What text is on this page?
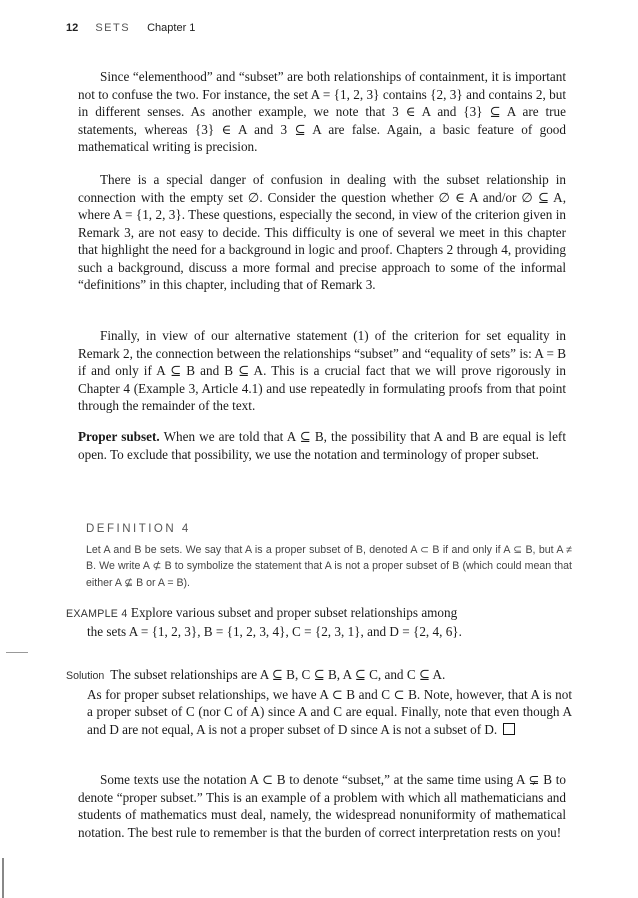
12 SETS Chapter 1

Since “elementhood” and “subset” are both relationships of containment, it is important not to confuse the two. For instance, the set A = {1, 2, 3} contains {2, 3} and contains 2, but in different senses. As another example, we note that 3 ∈ A and {3} ⊆ A are true statements, whereas {3} ∈ A and 3 ⊆ A are false. Again, a basic feature of good mathematical writing is precision.

There is a special danger of confusion in dealing with the subset relationship in connection with the empty set ∅. Consider the question whether ∅ ∈ A and/or ∅ ⊆ A, where A = {1, 2, 3}. These questions, especially the second, in view of the criterion given in Remark 3, are not easy to decide. This difficulty is one of several we meet in this chapter that highlight the need for a background in logic and proof. Chapters 2 through 4, providing such a background, discuss a more formal and precise approach to some of the informal “definitions” in this chapter, including that of Remark 3.

Finally, in view of our alternative statement (1) of the criterion for set equality in Remark 2, the connection between the relationships “subset” and “equality of sets” is: A = B if and only if A ⊆ B and B ⊆ A. This is a crucial fact that we will prove rigorously in Chapter 4 (Example 3, Article 4.1) and use repeatedly in formulating proofs from that point through the remainder of the text.

Proper subset. When we are told that A ⊆ B, the possibility that A and B are equal is left open. To exclude that possibility, we use the notation and terminology of proper subset.

DEFINITION 4
Let A and B be sets. We say that A is a proper subset of B, denoted A ⊂ B if and only if A ⊆ B, but A ≠ B. We write A ⊄ B to symbolize the statement that A is not a proper subset of B (which could mean that either A ⊈ B or A = B).
EXAMPLE 4 Explore various subset and proper subset relationships among
the sets A = {1, 2, 3}, B = {1, 2, 3, 4}, C = {2, 3, 1}, and D = {2, 4, 6}.

Solution The subset relationships are A ⊆ B, C ⊆ B, A ⊆ C, and C ⊆ A.

As for proper subset relationships, we have A ⊂ B and C ⊂ B. Note, however, that A is not a proper subset of C (nor C of A) since A and C are equal. Finally, note that even though A and D are not equal, A is not a proper subset of D since A is not a subset of D.

Some texts use the notation A ⊂ B to denote “subset,” at the same time using A ⊊ B to denote “proper subset.” This is an example of a problem with which all mathematicians and students of mathematics must deal, namely, the widespread nonuniformity of mathematical notation. The best rule to remember is that the burden of correct interpretation rests on you!
